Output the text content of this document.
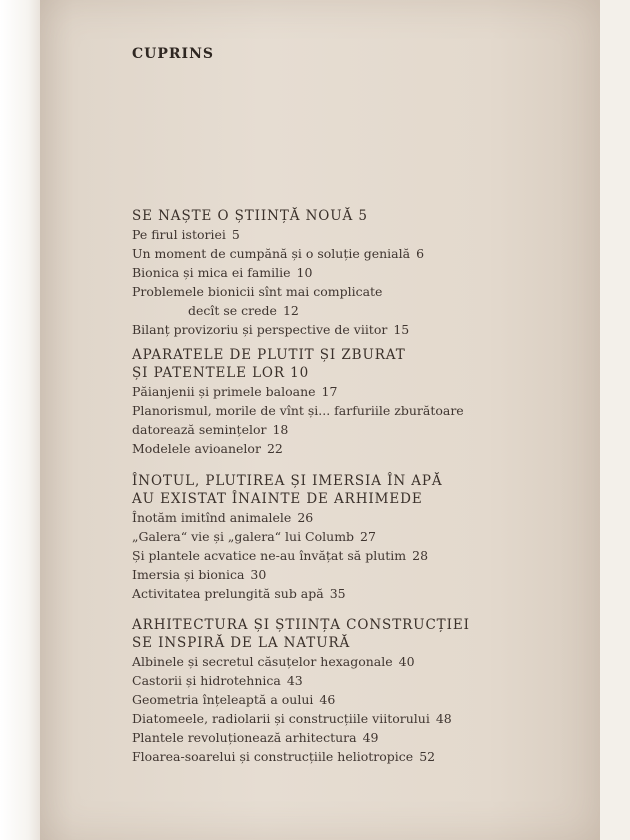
CUPRINS
SE NAȘTE O ȘTIINȚĂ NOUĂ 5
Pe firul istoriei 5
Un moment de cumpănă și o soluție genială 6
Bionica și mica ei familie 10
Problemele bionicii sînt mai complicate
decît se crede 12
Bilanț provizoriu și perspective de viitor 15
APARATELE DE PLUTIT ȘI ZBURAT
ȘI PATENTELE LOR 10
Păianjenii și primele baloane 17
Planorismul, morile de vînt și... farfuriile zburătoare
datorează semințelor 18
Modelele avioanelor 22
ÎNOTUL, PLUTIREA ȘI IMERSIA ÎN APĂ
AU EXISTAT ÎNAINTE DE ARHIMEDE
Înotăm imitînd animalele 26
„Galera“ vie și „galera“ lui Columb 27
Și plantele acvatice ne-au învățat să plutim 28
Imersia și bionica 30
Activitatea prelungită sub apă 35
ARHITECTURA ȘI ȘTIINȚA CONSTRUCȚIEI
SE INSPIRĂ DE LA NATURĂ
Albinele și secretul căsuțelor hexagonale 40
Castorii și hidrotehnica 43
Geometria înțeleaptă a oului 46
Diatomeele, radiolarii și construcțiile viitorului 48
Plantele revoluționează arhitectura 49
Floarea-soarelui și construcțiile heliotropice 52
